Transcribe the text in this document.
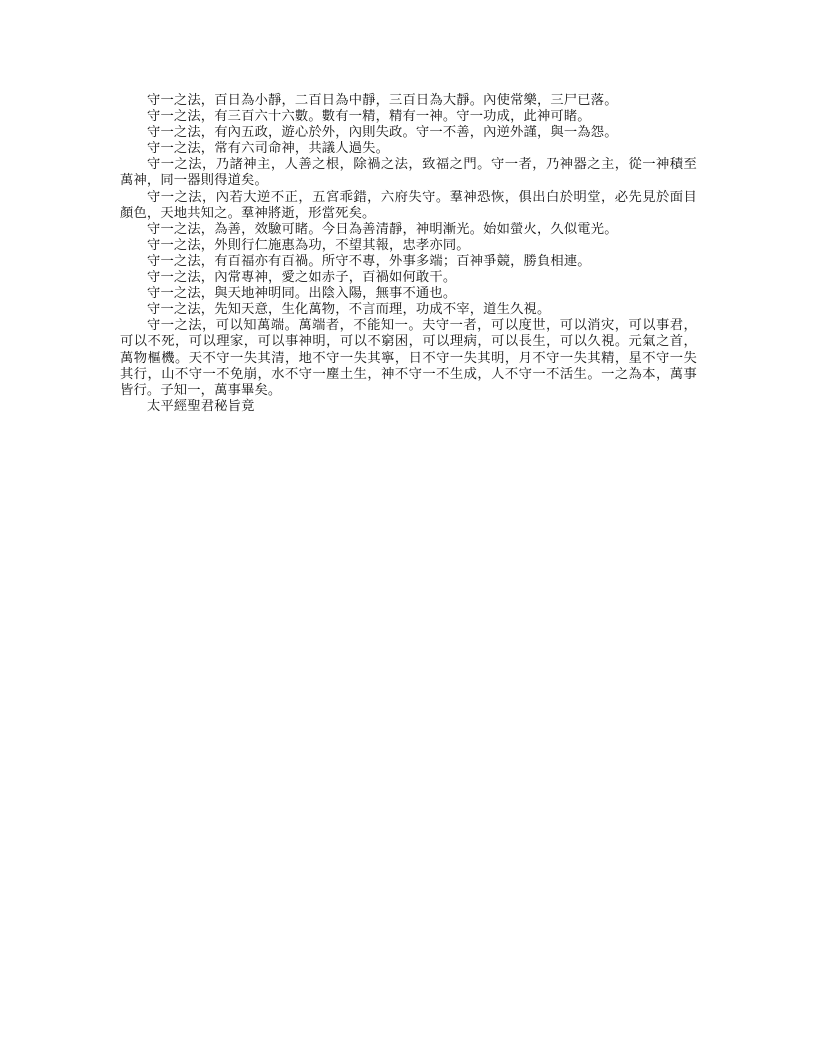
守一之法，百日為小靜，二百日為中靜，三百日為大靜。內使常樂，三尸已落。

守一之法，有三百六十六數。數有一精，精有一神。守一功成，此神可睹。

守一之法，有內五政，遊心於外，內則失政。守一不善，內逆外謹，與一為怨。

守一之法，常有六司命神，共議人過失。

守一之法，乃諸神主，人善之根，除禍之法，致福之門。守一者，乃神器之主，從一神積至萬神，同一器則得道矣。

守一之法，內若大逆不正，五宮乖錯，六府失守。羣神恐恢，俱出白於明堂，必先見於面目顏色，天地共知之。羣神將逝，形當死矣。

守一之法，為善，效驗可睹。今日為善清靜，神明漸光。始如螢火，久似電光。

守一之法，外則行仁施惠為功，不望其報，忠孝亦同。

守一之法，有百福亦有百禍。所守不專，外事多端；百神爭競，勝負相連。

守一之法，內常專神，愛之如赤子，百禍如何敢干。

守一之法，與天地神明同。出陰入陽，無事不通也。

守一之法，先知天意，生化萬物，不言而理，功成不宰，道生久視。

守一之法，可以知萬端。萬端者，不能知一。夫守一者，可以度世，可以消灾，可以事君，可以不死，可以理家，可以事神明，可以不窮困，可以理病，可以長生，可以久視。元氣之首，萬物樞機。天不守一失其清，地不守一失其寧，日不守一失其明，月不守一失其精，星不守一失其行，山不守一不免崩，水不守一塵土生，神不守一不生成，人不守一不活生。一之為本，萬事皆行。子知一，萬事畢矣。

太平經聖君秘旨竟
